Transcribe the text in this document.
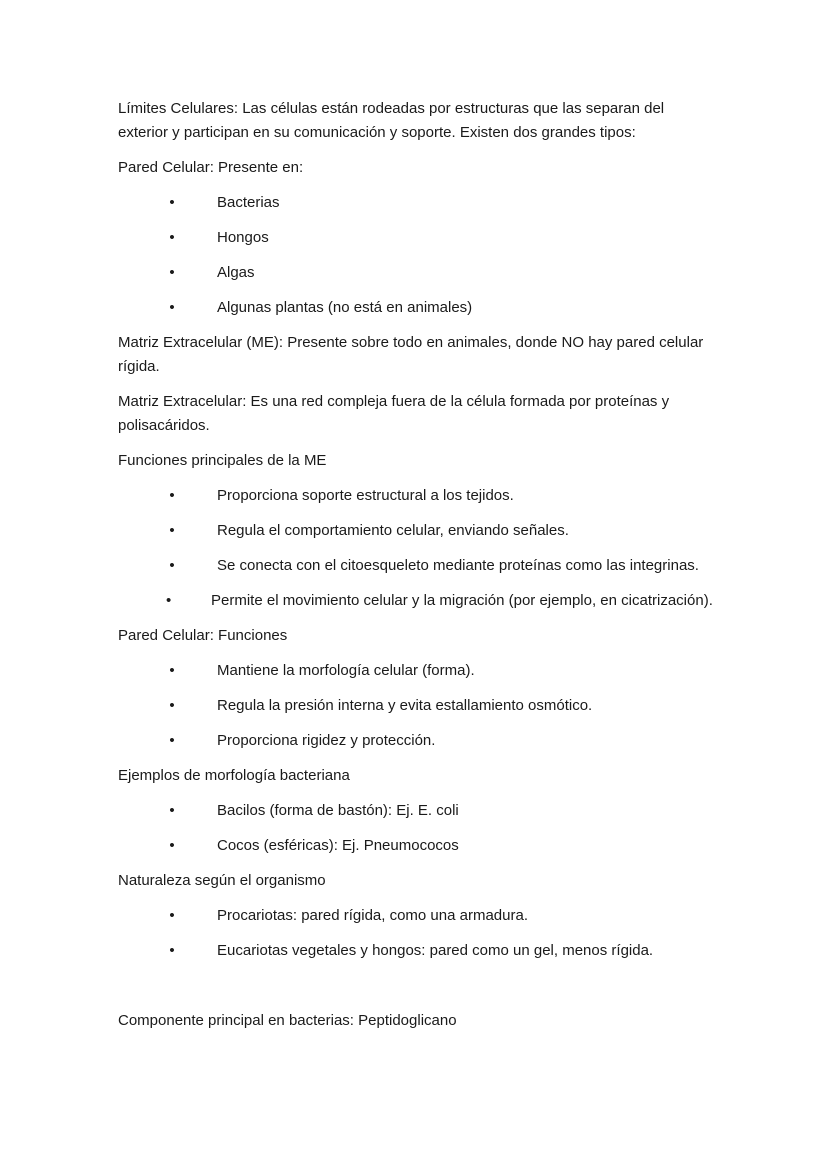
Límites Celulares: Las células están rodeadas por estructuras que las separan del exterior y participan en su comunicación y soporte. Existen dos grandes tipos:

Pared Celular: Presente en:

•	Bacterias
•	Hongos
•	Algas
•	Algunas plantas (no está en animales)

Matriz Extracelular (ME): Presente sobre todo en animales, donde NO hay pared celular rígida.

Matriz Extracelular: Es una red compleja fuera de la célula formada por proteínas y polisacáridos.

Funciones principales de la ME

•	Proporciona soporte estructural a los tejidos.
•	Regula el comportamiento celular, enviando señales.
•	Se conecta con el citoesqueleto mediante proteínas como las integrinas.
•	Permite el movimiento celular y la migración (por ejemplo, en cicatrización).

Pared Celular: Funciones

•	Mantiene la morfología celular (forma).
•	Regula la presión interna y evita estallamiento osmótico.
•	Proporciona rigidez y protección.

Ejemplos de morfología bacteriana

•	Bacilos (forma de bastón): Ej. E. coli
•	Cocos (esféricas): Ej. Pneumococos

Naturaleza según el organismo

•	Procariotas: pared rígida, como una armadura.
•	Eucariotas vegetales y hongos: pared como un gel, menos rígida.

Componente principal en bacterias: Peptidoglicano
